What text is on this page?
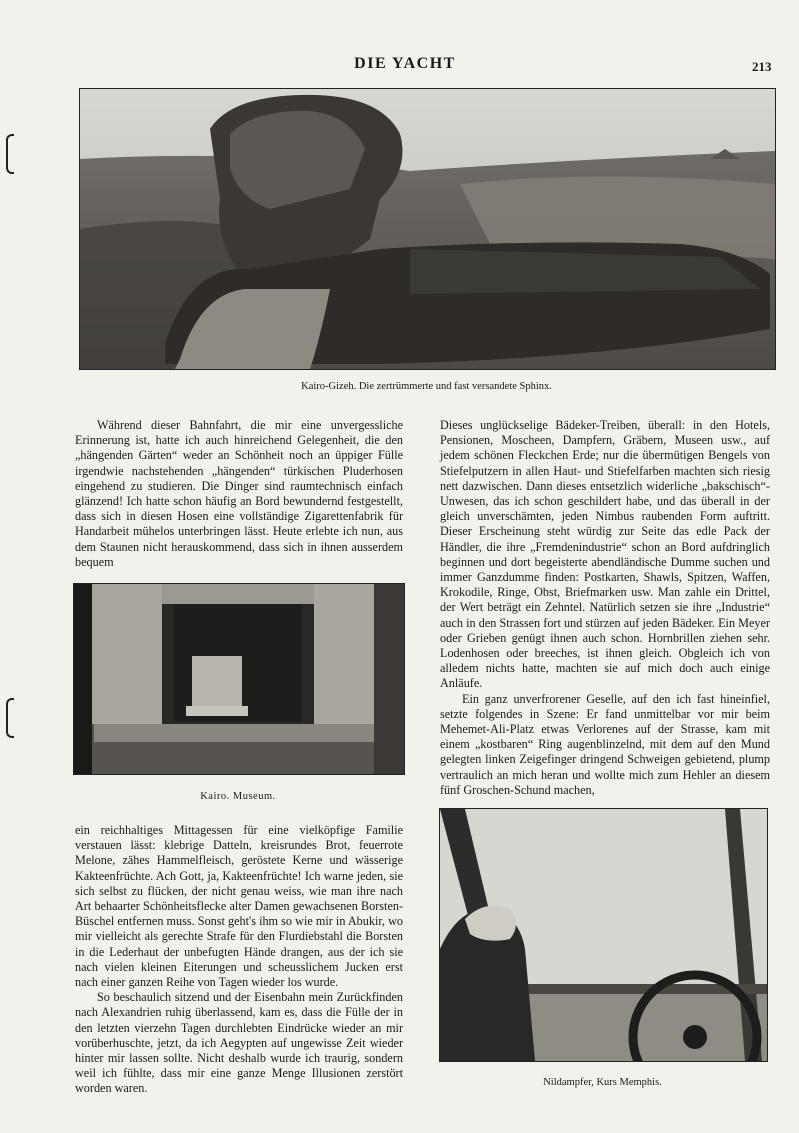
DIE YACHT	213
Kairo-Gizeh. Die zertrümmerte und fast versandete Sphinx.

Während dieser Bahnfahrt, die mir eine unvergessliche Erinnerung ist, hatte ich auch hinreichend Gelegenheit, die den „hängenden Gärten“ weder an Schönheit noch an üppiger Fülle irgendwie nachstehenden „hängenden“ türkischen Pluderhosen eingehend zu studieren. Die Dinger sind raumtechnisch einfach glänzend! Ich hatte schon häufig an Bord bewundernd festgestellt, dass sich in diesen Hosen eine vollständige Zigarettenfabrik für Handarbeit mühelos unterbringen lässt. Heute erlebte ich nun, aus dem Staunen nicht herauskommend, dass sich in ihnen ausserdem bequem

Kairo. Museum.

ein reichhaltiges Mittagessen für eine vielköpfige Familie verstauen lässt: klebrige Datteln, kreisrundes Brot, feuerrote Melone, zähes Hammelfleisch, geröstete Kerne und wässerige Kakteenfrüchte. Ach Gott, ja, Kakteenfrüchte! Ich warne jeden, sie sich selbst zu flücken, der nicht genau weiss, wie man ihre nach Art behaarter Schönheitsflecke alter Damen gewachsenen Borsten-Büschel entfernen muss. Sonst geht's ihm so wie mir in Abukir, wo mir vielleicht als gerechte Strafe für den Flurdiebstahl die Borsten in die Lederhaut der unbefugten Hände drangen, aus der ich sie nach vielen kleinen Eiterungen und scheusslichem Jucken erst nach einer ganzen Reihe von Tagen wieder los wurde.

So beschaulich sitzend und der Eisenbahn mein Zurückfinden nach Alexandrien ruhig überlassend, kam es, dass die Fülle der in den letzten vierzehn Tagen durchlebten Eindrücke wieder an mir vorüberhuschte, jetzt, da ich Aegypten auf ungewisse Zeit wieder hinter mir lassen sollte. Nicht deshalb wurde ich traurig, sondern weil ich fühlte, dass mir eine ganze Menge Illusionen zerstört worden waren.

Dieses unglückselige Bädeker-Treiben, überall: in den Hotels, Pensionen, Moscheen, Dampfern, Gräbern, Museen usw., auf jedem schönen Fleckchen Erde; nur die übermütigen Bengels von Stiefelputzern in allen Haut- und Stiefelfarben machten sich riesig nett dazwischen. Dann dieses entsetzlich widerliche „bakschisch“-Unwesen, das ich schon geschildert habe, und das überall in der gleich unverschämten, jeden Nimbus raubenden Form auftritt. Dieser Erscheinung steht würdig zur Seite das edle Pack der Händler, die ihre „Fremdenindustrie“ schon an Bord aufdringlich beginnen und dort begeisterte abendländische Dumme suchen und immer Ganzdumme finden: Postkarten, Shawls, Spitzen, Waffen, Krokodile, Ringe, Obst, Briefmarken usw. Man zahle ein Drittel, der Wert beträgt ein Zehntel. Natürlich setzen sie ihre „Industrie“ auch in den Strassen fort und stürzen auf jeden Bädeker. Ein Meyer oder Grieben genügt ihnen auch schon. Hornbrillen ziehen sehr. Lodenhosen oder breeches, ist ihnen gleich. Obgleich ich von alledem nichts hatte, machten sie auf mich doch auch einige Anläufe.

Ein ganz unverfrorener Geselle, auf den ich fast hineinfiel, setzte folgendes in Szene: Er fand unmittelbar vor mir beim Mehemet-Ali-Platz etwas Verlorenes auf der Strasse, kam mit einem „kostbaren“ Ring augenblinzelnd, mit dem auf den Mund gelegten linken Zeigefinger dringend Schweigen gebietend, plump vertraulich an mich heran und wollte mich zum Hehler an diesem fünf Groschen-Schund machen,

Nildampfer, Kurs Memphis.
